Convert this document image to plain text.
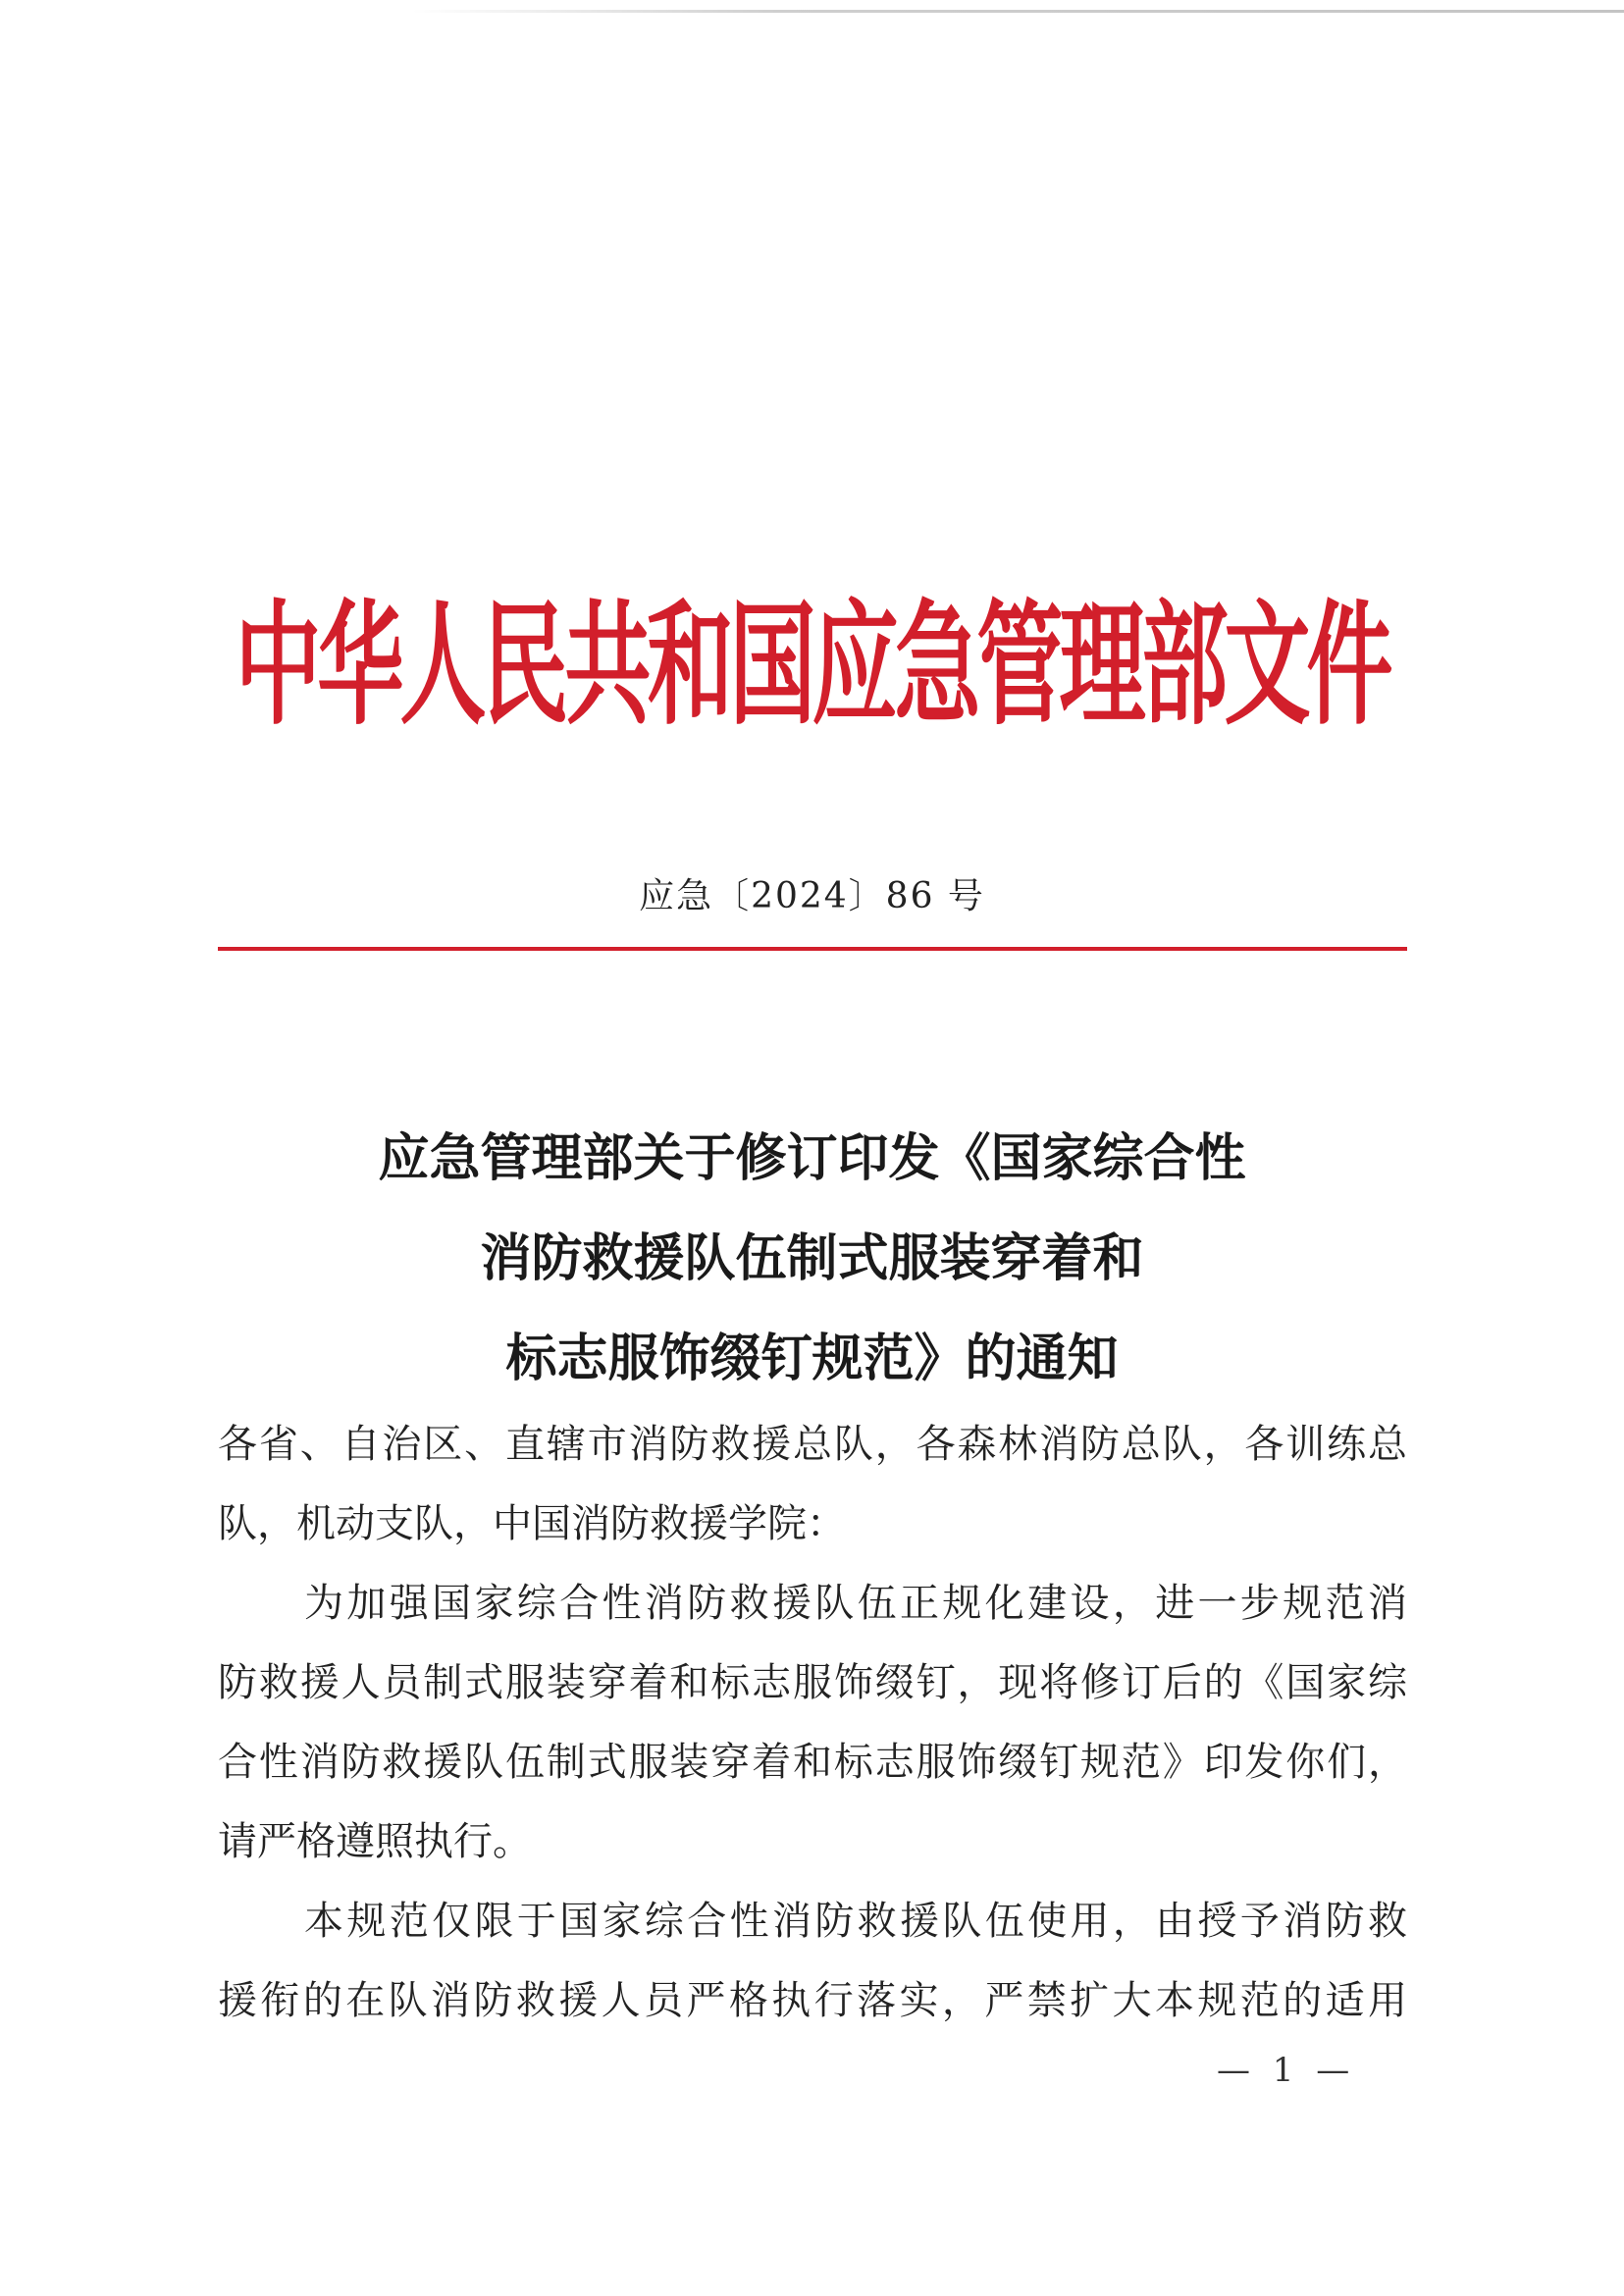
中华人民共和国应急管理部文件
应急〔2024〕86 号
应急管理部关于修订印发《国家综合性
消防救援队伍制式服装穿着和
标志服饰缀钉规范》的通知
各省、自治区、直辖市消防救援总队，各森林消防总队，各训练总
队，机动支队，中国消防救援学院：
为加强国家综合性消防救援队伍正规化建设，进一步规范消
防救援人员制式服装穿着和标志服饰缀钉，现将修订后的《国家综
合性消防救援队伍制式服装穿着和标志服饰缀钉规范》印发你们，
请严格遵照执行。
本规范仅限于国家综合性消防救援队伍使用，由授予消防救
援衔的在队消防救援人员严格执行落实，严禁扩大本规范的适用
— 1 —
